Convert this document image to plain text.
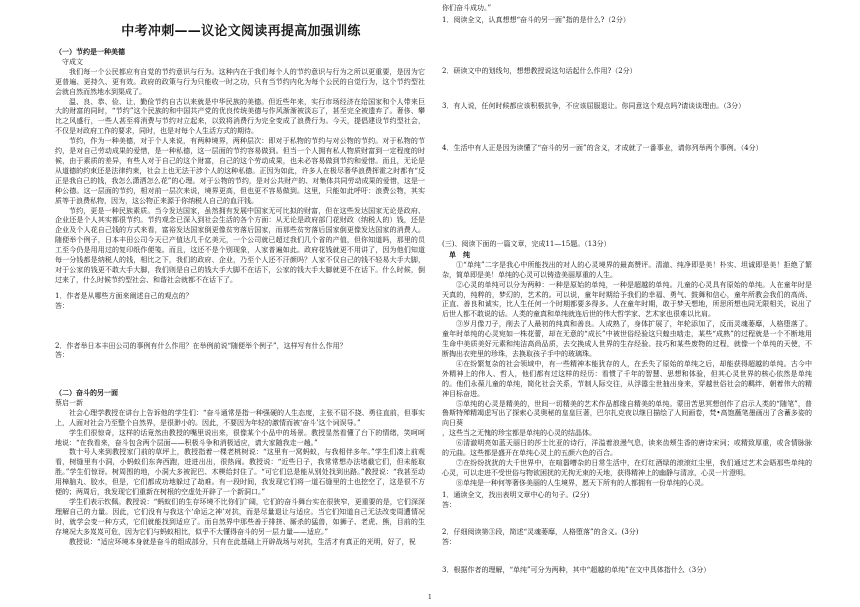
中考冲刺——议论文阅读再提高加强训练
（一）节约是一种美德
守成文

我们每一个公民都应有自觉的节约意识与行为。这种内在于我们每个人的节约意识与行为之所以更重要，是因为它更普遍、更持久、更有效。政府的政策与行为只能收一时之功，只有当节约内化为每个公民的自觉行为，这个节约型社会就自然而然地水到渠成了。

温、良、恭、俭、让，勤俭节约自古以来就是中华民族的美德。但近些年来，实行市场经济在给国家和个人带来巨大的财富的同时，“节约”这个民族的和中国共产党的优良传统美德与作风渐渐被淡忘了，甚至完全被遗弃了。奢侈、攀比之风盛行，一些人甚至将消费与节约对立起来，以致将消费行为完全变成了浪费行为。今天，提倡建设节约型社会，不仅是对政府工作的要求，同时，也是对每个人生活方式的期待。

节约，作为一种美德，对于个人来说，有两种境界，两种层次：即对于私物的节约与对公物的节约。对于私物的节约，是对自己劳动成果的爱惜，是一种私德，这一层面的节约容易做到。但当一个人拥有私人物质财富到一定程度的时候，由于素质的差异，有些人对于自己的这个财富，自己的这个劳动成果，也未必容易做到节约和爱惜。而且，无论是从道德的约束还是法律约束，社会上也无法干涉个人的这种私德。正因为如此，许多人在极尽奢华浪费挥霍之时都有“反正是我自己的钱，我怎么潇洒怎么花”的心理。对于公物的节约，是对公共财产的、对集体共同劳动成果的爱惜，这是一种公德。这一层面的节约，相对前一层次来说，境界更高，但也更不容易做到。这里，只能如此呼吁：浪费公物，其实质等于浪费私物，因为，这公物正来源于你纳税人自己的血汗钱。

节约，更是一种民族素质。当今发达国家，虽然拥有发展中国家无可比拟的财富，但在这些发达国家无论是政府、企业还是个人其实都很节约。节约观念已深入到社会生活的各个方面：从无论是政府部门花财政（纳税人的）钱，还是企业及个人花自己钱的方式来看，富裕发达国家倒更像贫穷落后国家，而那些贫穷落后国家倒更像发达国家的消费人。随便举个例子，日本丰田公司今天已产值达几千亿美元，一个公司就已超过我们几个省的产值，但你知道吗，那里的员工至今仍是用用过的复印纸作便笺。而且，这还不是个别现象，人家普遍如此。政府花钱就更不用讲了，因为他们知道每一分钱都是纳税人的钱，相比之下，我们的政府、企业，乃至个人还不汗颜吗？人家不仅自己的钱不轻易大手大脚，对于公家的钱更不敢大手大脚，我们则是自己的钱大手大脚不在话下，公家的钱大手大脚就更不在话下。什么时候，倒过来了，什么时候节约型社会、和谐社会就都不在话下了。

1．作者是从哪些方面来阐述自己的观点的？
答：
2．作者举日本丰田公司的事例有什么作用？在举例前说“随便举个例子”，这样写有什么作用？
答：
（二）奋斗的另一面
蔡启一新

社会心理学教授在讲台上告诉他的学生们：“奋斗通常是指一种强硬的人生态度，主张不屈不挠、勇往直前，但事实上，人面对社会乃至整个自然界，是很渺小的。因此，不要因为年轻的激情而被‘奋斗’这个词误导。”

学生们很惊奇，这样的话竟然由教授的嘴里说出来，很像某个小品中的场景。教授显然看懂了台下的情绪，笑呵呵地说：“在我看来，奋斗包含两个层面——积极斗争和消极适应，请大家随我走一趟。”

数十号人来到教授家门前的草坪上，教授指着一棵老桃树说：“这里有一窝蚂蚁，与我相伴多年。”学生们凑上前观看，树缝里有小洞，小蚂蚁们东奔西跑，进进出出，很热闹。教授说：“近些日子，我常常想办法堵截它们，但未能取胜。”学生们惊讶。树周围的地，小洞大多被泥巴、木楔给封住了。“可它们总是能从别处找到出路。”教授说：“我甚至动用樟脑丸、胶水，但是，它们都成功地躲过了劫难。有一段时间，我发现它们将一道石缝里的土也挖空了，这是很不方便的；两周后，我发现它们重新在树根的空虚处开辟了一个新洞口。”

学生们表示钦佩。教授说：“蚂蚁们的生存环境不比你们广阔，它们的奋斗舞台实在很狭窄，更重要的是，它们深深理解自己的力量。因此，它们没有与我这个‘命运之神’对抗，而是尽量退让与适应。当它们知道自己无法改变周遭情况时，就学会变一种方式，它们就能找到适应了。而自然界中那些善于排挤、厮杀的猛兽，如狮子、老虎、熊，目前的生存境况大多岌岌可危，因为它们与蚂蚁相比，似乎不大懂得奋斗的另一层力量——适应。”

教授说：“适应环境本身就是奋斗的组成部分，只有在此基础上开辟战场与对抗，生活才有真正的光明，好了，祝

你们奋斗成功。”
1．阅读全文，认真想想“奋斗的另一面”指的是什么?（2分）
2．研读文中的划线句，想想教授说这句话起什么作用?（2分）
3．有人说，任何时候都应该积极抗争，不应该屈服退让。你同意这个观点吗?请谈谈理由。（3分）
4．生活中有人正是因为读懂了“奋斗的另一面”的含义，才成就了一番事业，请你列举两个事例。（4分）
(三)、阅读下面的一篇文章，完成11—15题。（13分）
单　纯

①“单纯”二字是我心中所能找出的对人的心灵境界的最高赞评。清澈、纯净即是美！朴实、坦诚即是美！拒绝了繁杂，简单即是美！单纯的心灵可以铸造美丽厚重的人生。

②心灵的单纯可以分为两种：一种是原始的单纯，一种是超越的单纯。儿童的心灵具有原始的单纯。人在童年时是天真的，纯粹的，梦幻的，艺术的。可以说，童年时期给予我们的幸福、勇气、鼓舞和信心，童年所教会我们的高尚、正直、善良和诚实，比人生任何一个时期都要多得多。人在童年时期，敢于梦天想地，所思所想也同无限相关，说出了后世人都不敢说的话。人类的童真和单纯就连后世的伟大哲学家、艺术家也很难以比肩。

③岁月像刀子，削去了人最初的纯真和善良。人成熟了，身体扩展了，年轮添加了，反而灵魂萎靡，人格堕落了。童年时单纯的心灵宛如一株花蕾，却在无意的“成长”中被世俗经验这只蝗虫啮走，某些“成熟”的过程就是一个不断地用生命中美质美好元素和纯洁高尚品质，去交换成人世界的生存经验、技巧和某些废物的过程，就像一个单纯的天使，不断掏出衣兜里的珍珠，去换取孩子手中的玻璃珠。

④在纷繁复杂的社会领域中，有一些精神本能犹存的人，在丢失了原始的单纯之后，却能获得超越的单纯。古今中外精神上的伟人、哲人，他们都有过这样的经历：看惯了千年的智慧、思想和体验，但其心灵世界的核心依然是单纯的。他们永葆儿童的单纯，简化社会关系，节制人际交往，从浮嚣尘世抽出身来，穿越世俗社会的羁绊，朝着伟大的精神目标奋进。

⑤单纯的心灵是精美的，世间一切精美的艺术作品都缘自精美的单纯。蒙田苦思冥想创作了启示人类的“随笔”，普鲁斯特殚精竭虑写出了探索心灵奥秘的皇皇巨著，巴尔扎克夜以继日描绘了人间画卷，梵•高饱蘸笔墨画出了含蓄多姿的向日葵

，这些当之无愧的珍宝都是单纯的心灵的结晶体。

⑥清澈明亮如蓝天丽日的莎士比亚的诗行，洋溢着浪漫气息，读来齿颊生香的唐诗宋词；或精致厚重，或含情脉脉的元曲。这些都是盛开在单纯心灵上的五颜六色的百合。

⑦在纷纷扰扰的大千世界中，在喧嚣嘈杂的日常生活中，在灯红酒绿的滚滚红尘里，我们通过艺术会晤那些单纯的心灵，可以走进不受世俗与物欲困扰的无拘无束的天地，获得精神上的幽静与清凉，心灵一片澄明。

⑧单纯是一种何等奢侈美丽的人生境界，愿天下所有的人都拥有一份单纯的心灵。

1．通读全文，找出表明文章中心的句子。(2分)
答：
2．仔细阅读第③段，简述“灵魂萎靡，人格堕落”的含义。(3分)
答：
3．根据作者的理解，“单纯”可分为两种，其中“超越的单纯”在文中具体指什么（3分）
1
